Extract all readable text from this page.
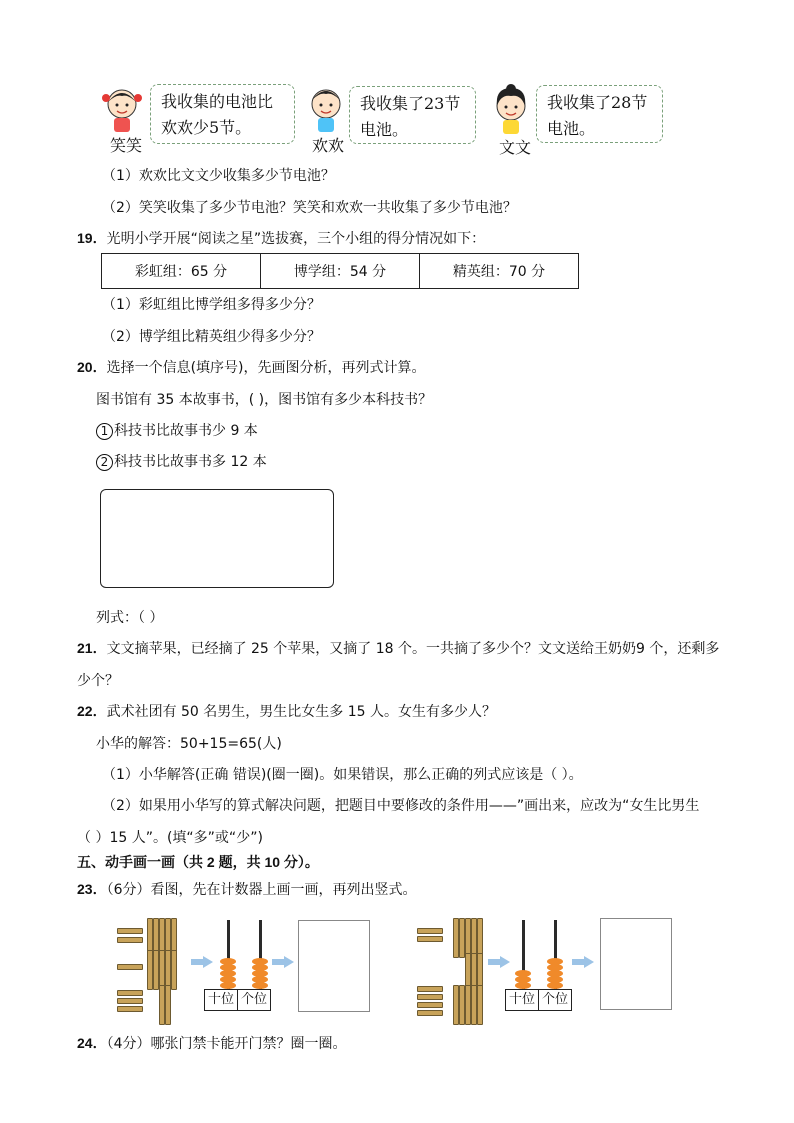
笑笑
我收集的电池比
欢欢少5节。
欢欢
我收集了23节
电池。
文文
我收集了28节
电池。
（1）欢欢比文文少收集多少节电池？
（2）笑笑收集了多少节电池？笑笑和欢欢一共收集了多少节电池？
19．光明小学开展“阅读之星”选拔赛，三个小组的得分情况如下：
彩虹组：65 分	博学组：54 分	精英组：70 分
（1）彩虹组比博学组多得多少分？
（2）博学组比精英组少得多少分？
20．选择一个信息(填序号)，先画图分析，再列式计算。
图书馆有 35 本故事书，( )，图书馆有多少本科技书？
1 科技书比故事书少 9 本
2 科技书比故事书多 12 本
列式：（ ）
21．文文摘苹果，已经摘了 25 个苹果，又摘了 18 个。一共摘了多少个？文文送给王奶奶9 个，还剩多
少个？
22．武术社团有 50 名男生，男生比女生多 15 人。女生有多少人？
小华的解答：50+15=65(人)
（1）小华解答(正确 错误)(圈一圈)。如果错误，那么正确的列式应该是（ ）。
（2）如果用小华写的算式解决问题，把题目中要修改的条件用——”画出来，应改为“女生比男生
（ ）15 人”。(填“多”或“少”)
五、动手画一画（共 2 题，共 10 分）。
23．（6分）看图，先在计数器上画一画，再列出竖式。
十位 个位	十位 个位
24．（4分）哪张门禁卡能开门禁？圈一圈。
